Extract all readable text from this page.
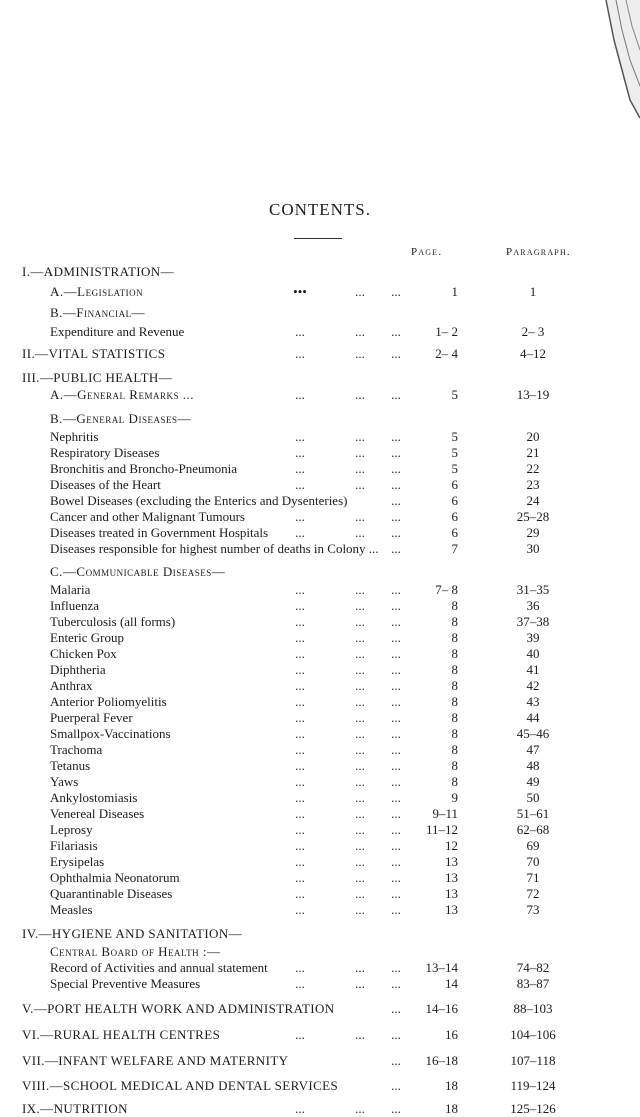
CONTENTS.
Page.	Paragraph.
I.—ADMINISTRATION—
A.—Legislation	•••	...	...	1	1
B.—Financial—
Expenditure and Revenue	...	...	...	1– 2	2– 3
II.—VITAL STATISTICS	...	...	...	2– 4	4–12
III.—PUBLIC HEALTH—
A.—General Remarks ...	...	...	...	5	13–19
B.—General Diseases—
Nephritis	...	...	...	5	20
Respiratory Diseases	...	...	...	5	21
Bronchitis and Broncho-Pneumonia	...	...	...	5	22
Diseases of the Heart	...	...	...	6	23
Bowel Diseases (excluding the Enterics and Dysenteries)	...	6	24
Cancer and other Malignant Tumours	...	...	...	6	25–28
Diseases treated in Government Hospitals	...	...	...	6	29
Diseases responsible for highest number of deaths in Colony ... ...	7	30
C.—Communicable Diseases—
Malaria	...	...	...	7– 8	31–35
Influenza	...	...	...	8	36
Tuberculosis (all forms)	...	...	...	8	37–38
Enteric Group	...	...	...	8	39
Chicken Pox	...	...	...	8	40
Diphtheria	...	...	...	8	41
Anthrax	...	...	...	8	42
Anterior Poliomyelitis	...	...	...	8	43
Puerperal Fever	...	...	...	8	44
Smallpox-Vaccinations	...	...	...	8	45–46
Trachoma	...	...	...	8	47
Tetanus	...	...	...	8	48
Yaws	...	...	...	8	49
Ankylostomiasis	...	...	...	9	50
Venereal Diseases	...	...	...	9–11	51–61
Leprosy	...	...	...	11–12	62–68
Filariasis	...	...	...	12	69
Erysipelas	...	...	...	13	70
Ophthalmia Neonatorum	...	...	...	13	71
Quarantinable Diseases	...	...	...	13	72
Measles	...	...	...	13	73
IV.—HYGIENE AND SANITATION—
Central Board of Health :—
Record of Activities and annual statement	...	...	...	13–14	74–82
Special Preventive Measures	...	...	...	14	83–87
V.—PORT HEALTH WORK AND ADMINISTRATION	...	14–16	88–103
VI.—RURAL HEALTH CENTRES	...	...	...	16	104–106
VII.—INFANT WELFARE AND MATERNITY	...	16–18	107–118
VIII.—SCHOOL MEDICAL AND DENTAL SERVICES	...	18	119–124
IX.—NUTRITION	...	...	...	18	125–126
